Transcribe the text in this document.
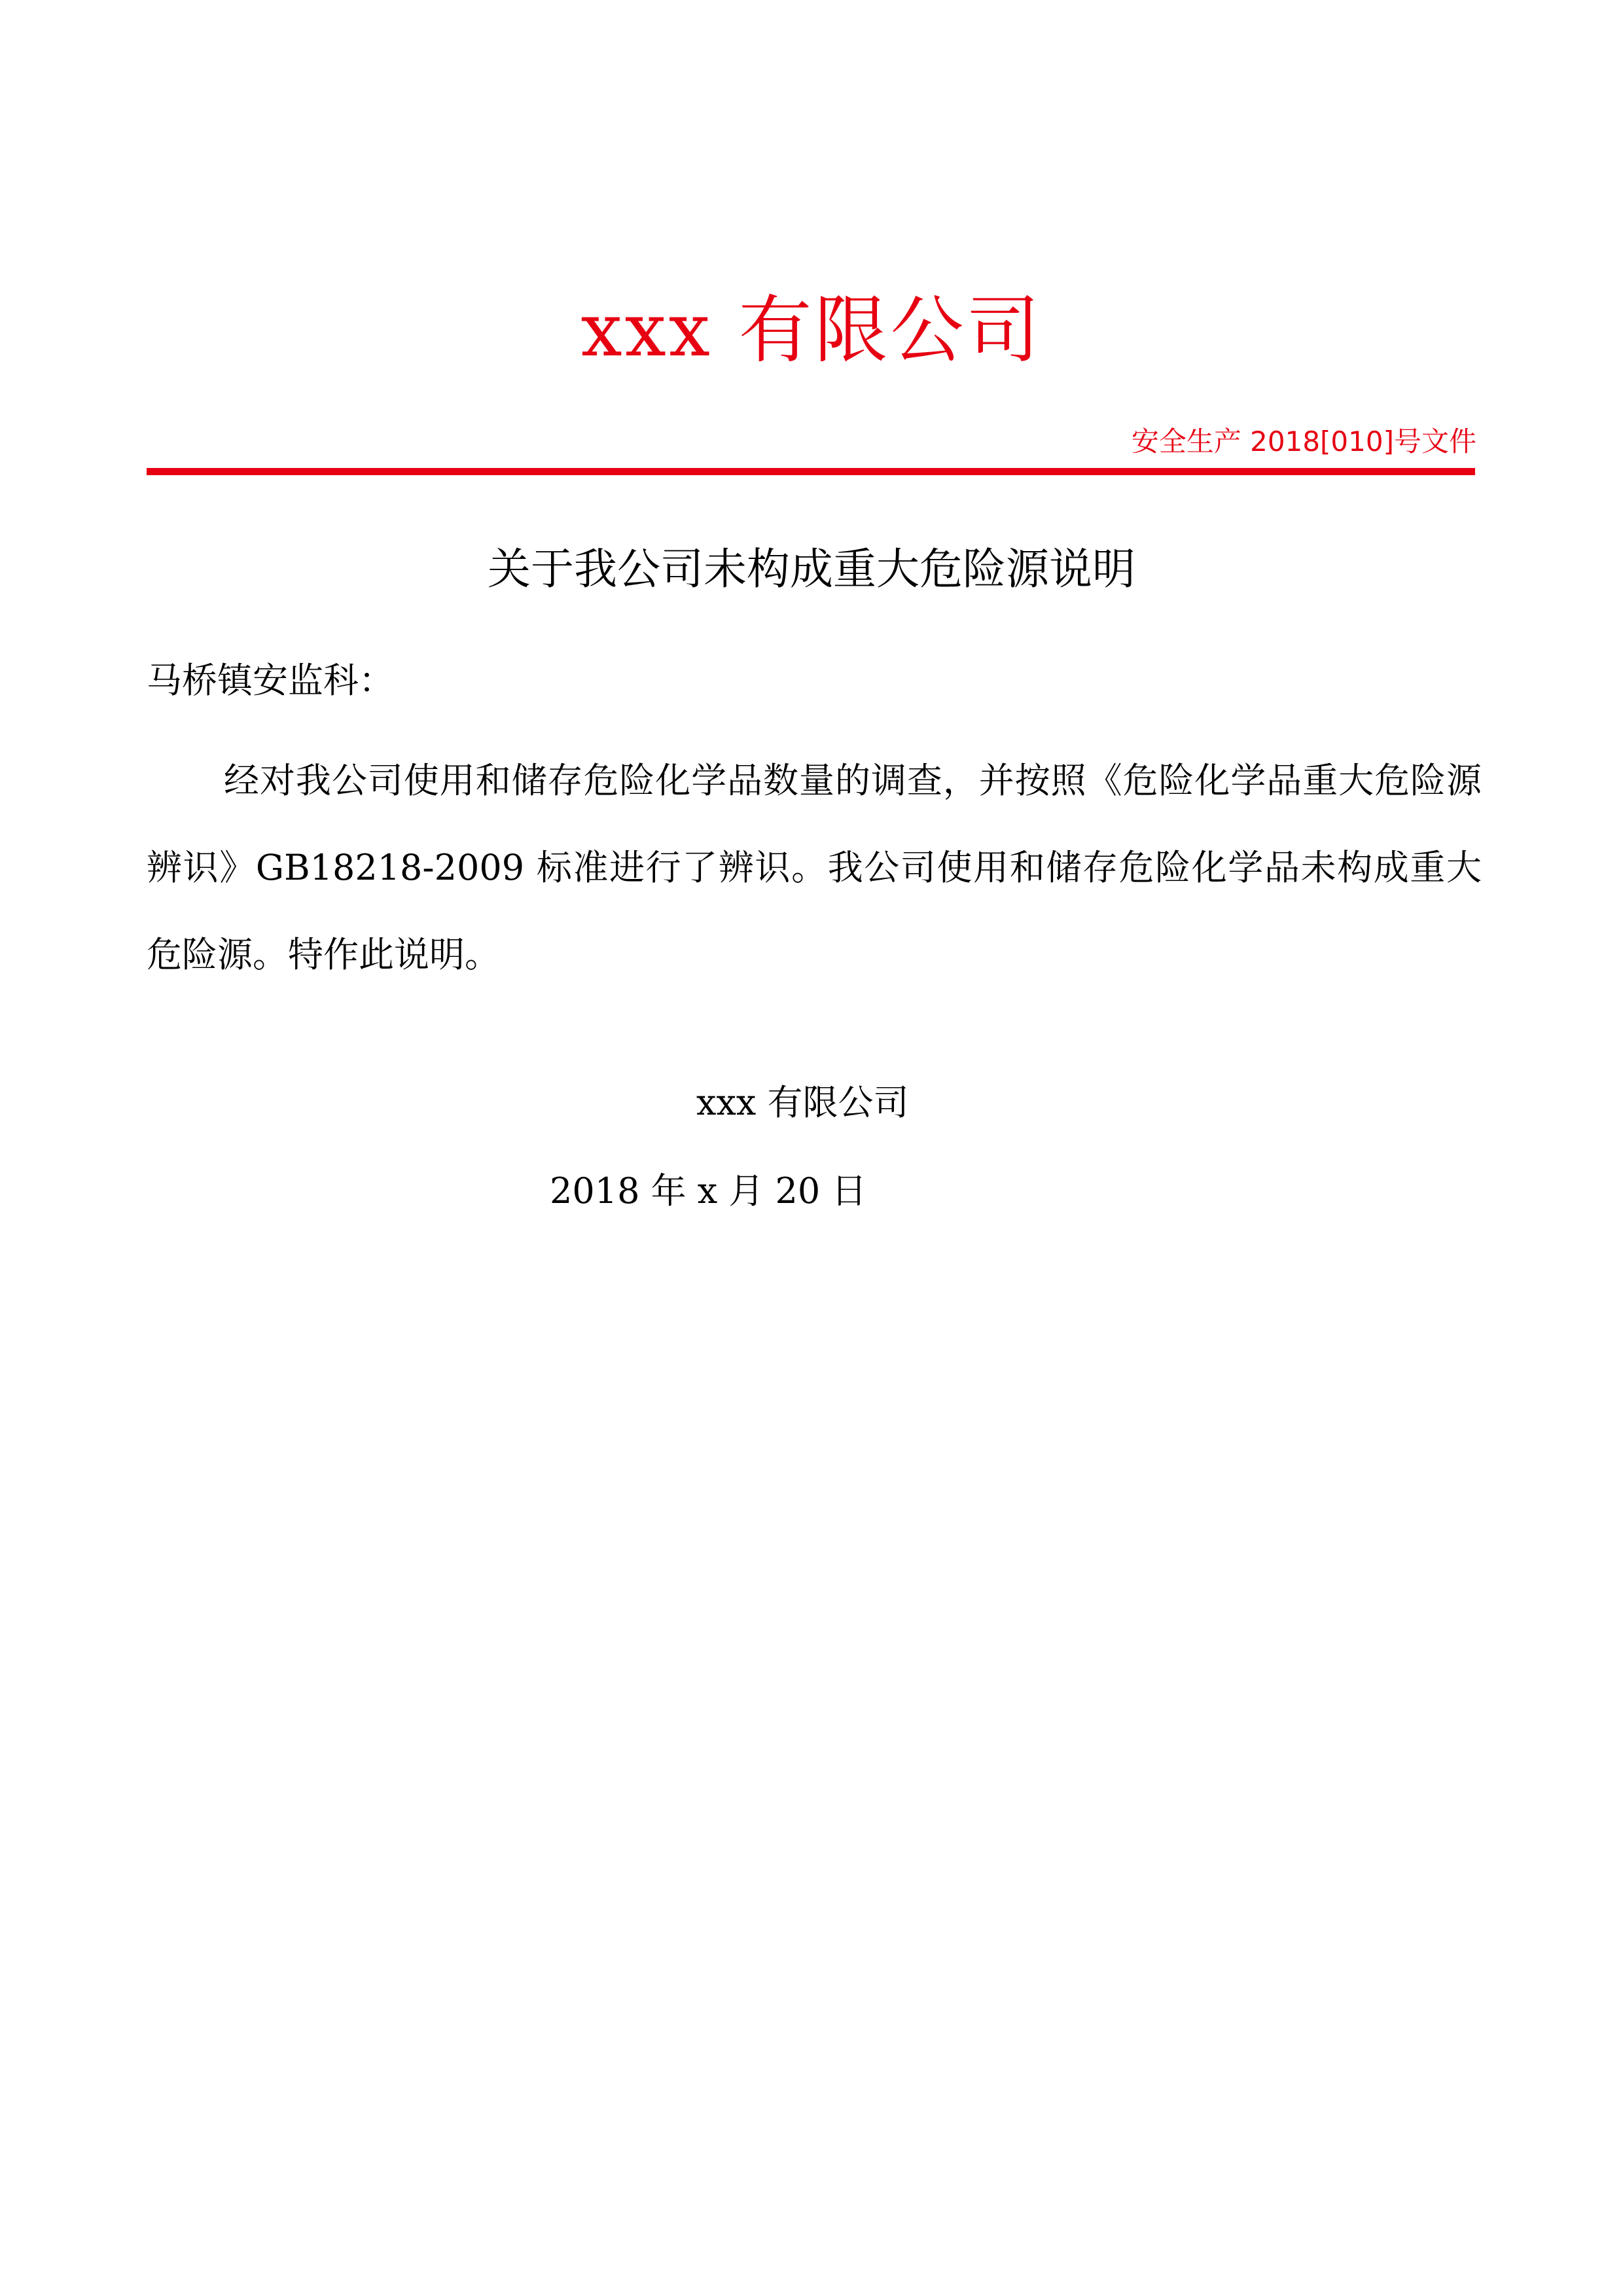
xxx 有限公司
安全生产 2018[010]号文件
关于我公司未构成重大危险源说明
马桥镇安监科：
经对我公司使用和储存危险化学品数量的调查，并按照《危险化学品重大危险源辨识》GB18218-2009 标准进行了辨识。我公司使用和储存危险化学品未构成重大危险源。特作此说明。
xxx 有限公司
2018 年 x 月 20 日
